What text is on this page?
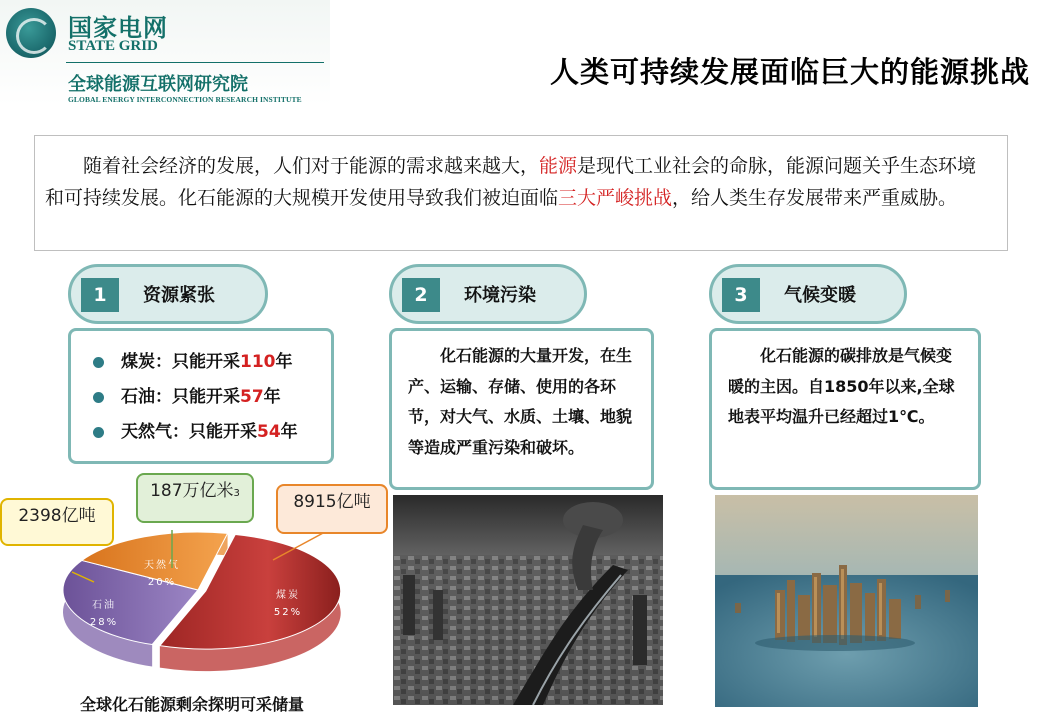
国家电网
STATE GRID
全球能源互联网研究院
GLOBAL ENERGY INTERCONNECTION RESEARCH INSTITUTE
人类可持续发展面临巨大的能源挑战
随着社会经济的发展，人们对于能源的需求越来越大，能源是现代工业社会的命脉，能源问题关乎生态环境和可持续发展。化石能源的大规模开发使用导致我们被迫面临三大严峻挑战，给人类生存发展带来严重威胁。
1	资源紧张
煤炭：只能开采110年
石油：只能开采57年
天然气：只能开采54年
2	环境污染

化石能源的大量开发，在生产、运输、存储、使用的各环节，对大气、水质、土壤、地貌等造成严重污染和破坏。

3	气候变暖

化石能源的碳排放是气候变暖的主因。自1850年以来,全球地表平均温升已经超过1℃。

煤炭
52%
石油
28%
天然气
20%
8915亿吨
2398亿吨
187万亿米3
全球化石能源剩余探明可采储量
